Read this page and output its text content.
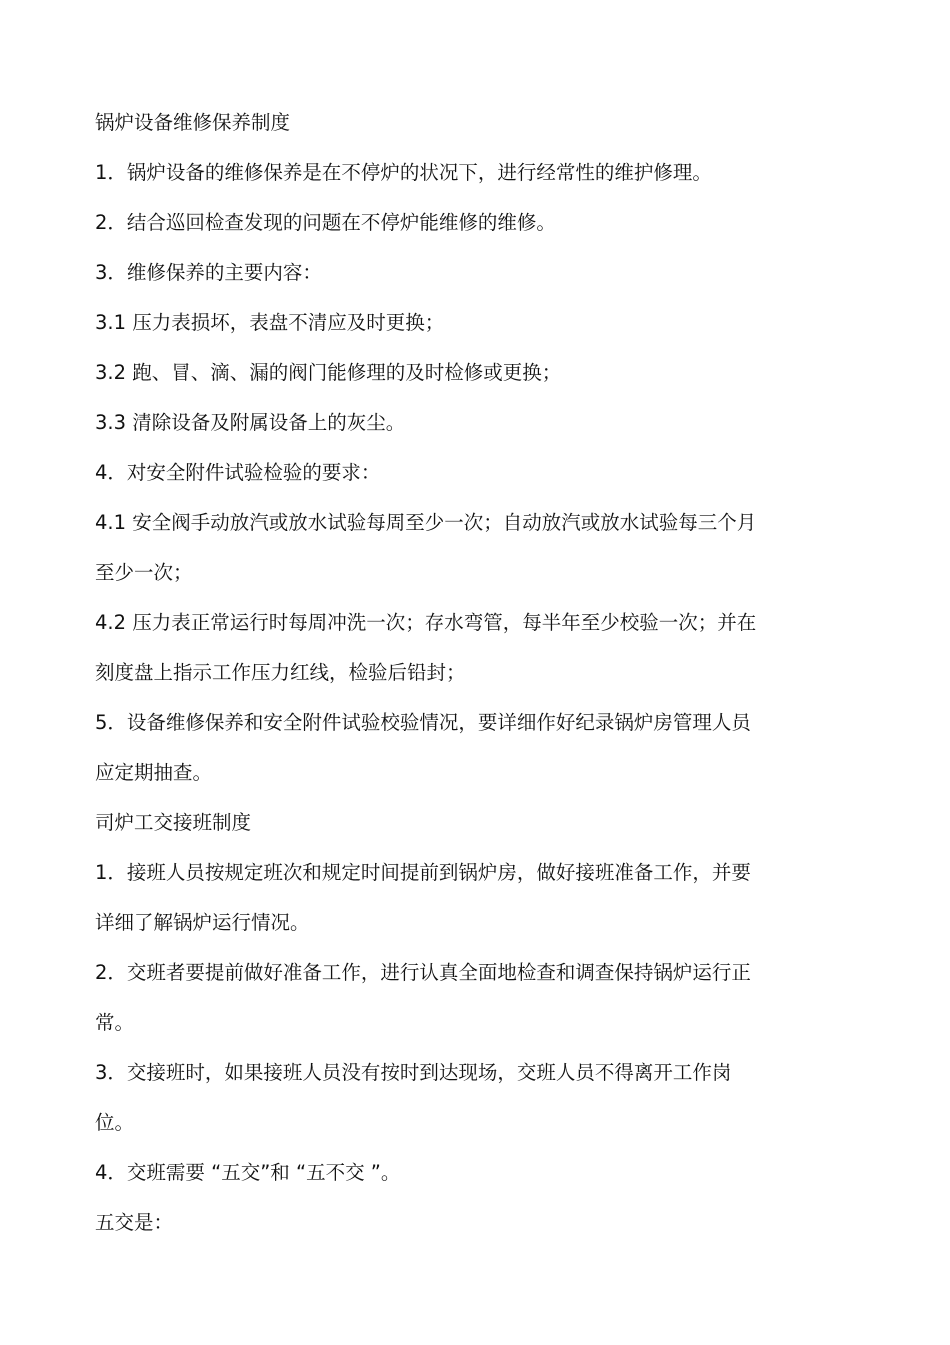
锅炉设备维修保养制度
1．锅炉设备的维修保养是在不停炉的状况下，进行经常性的维护修理。
2．结合巡回检查发现的问题在不停炉能维修的维修。
3．维修保养的主要内容：
3.1 压力表损坏，表盘不清应及时更换；
3.2 跑、冒、滴、漏的阀门能修理的及时检修或更换；
3.3 清除设备及附属设备上的灰尘。
4．对安全附件试验检验的要求：
4.1 安全阀手动放汽或放水试验每周至少一次；自动放汽或放水试验每三个月
至少一次；
4.2 压力表正常运行时每周冲洗一次；存水弯管，每半年至少校验一次；并在
刻度盘上指示工作压力红线，检验后铅封；
5．设备维修保养和安全附件试验校验情况，要详细作好纪录锅炉房管理人员
应定期抽查。
司炉工交接班制度
1．接班人员按规定班次和规定时间提前到锅炉房，做好接班准备工作，并要
详细了解锅炉运行情况。
2．交班者要提前做好准备工作，进行认真全面地检查和调查保持锅炉运行正
常。
3．交接班时，如果接班人员没有按时到达现场，交班人员不得离开工作岗
位。
4．交班需要 “五交”和 “五不交 ”。
五交是：
